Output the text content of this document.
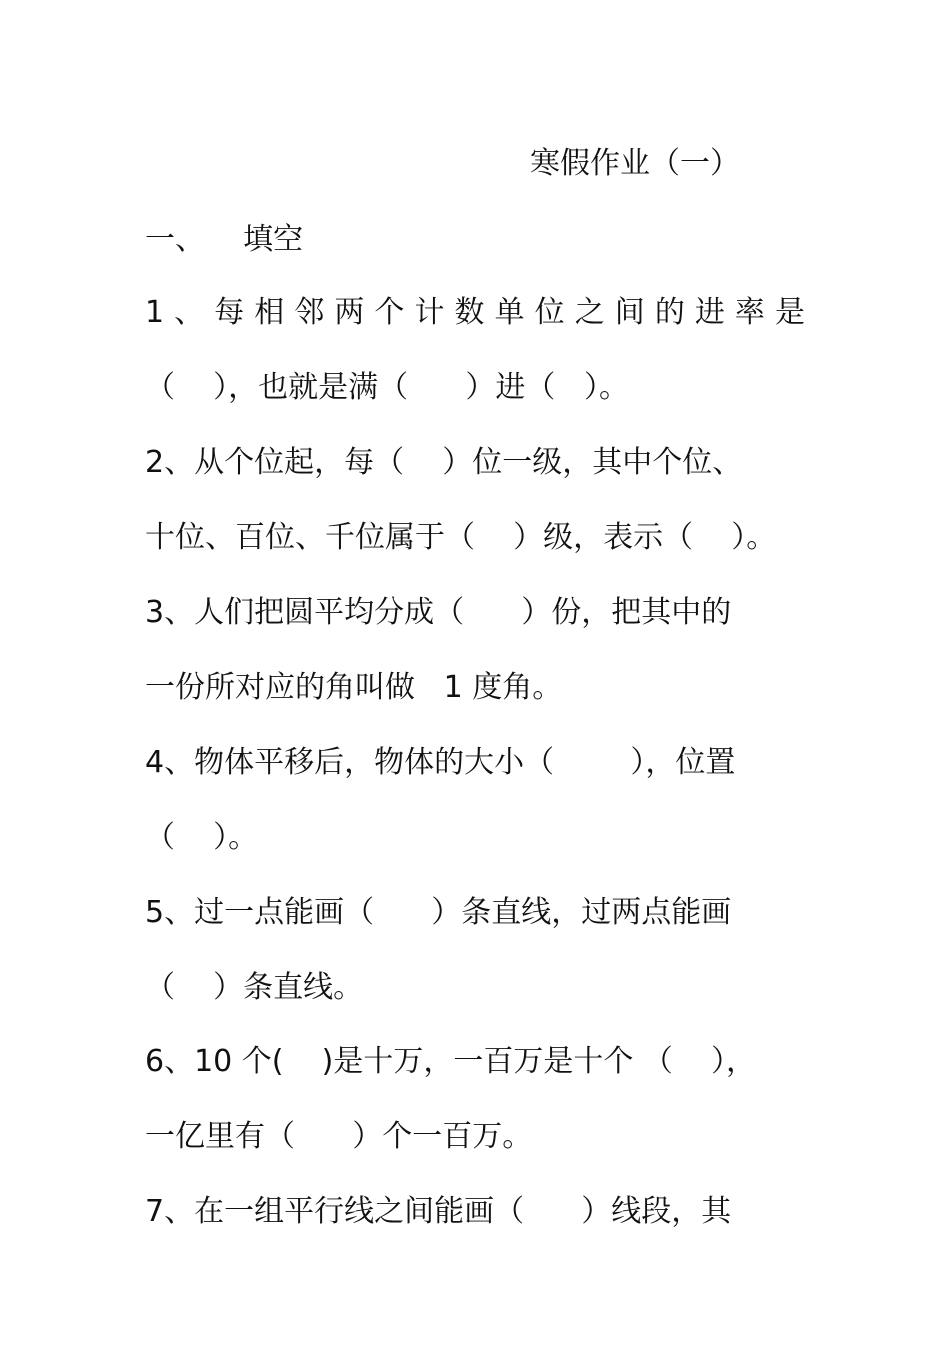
寒假作业（一）
一、    填空
1、每相邻两个计数单位之间的进率是
（    ），也就是满（      ）进（   ）。
2、从个位起，每（    ）位一级，其中个位、
十位、百位、千位属于（    ）级，表示（    ）。
3、人们把圆平均分成（      ）份，把其中的
一份所对应的角叫做   1 度角。
4、物体平移后，物体的大小（        ），位置
（    ）。
5、过一点能画（      ）条直线，过两点能画
（    ）条直线。
6、10 个(    )是十万，一百万是十个 （    ），
一亿里有（      ）个一百万。
7、在一组平行线之间能画（      ）线段，其
